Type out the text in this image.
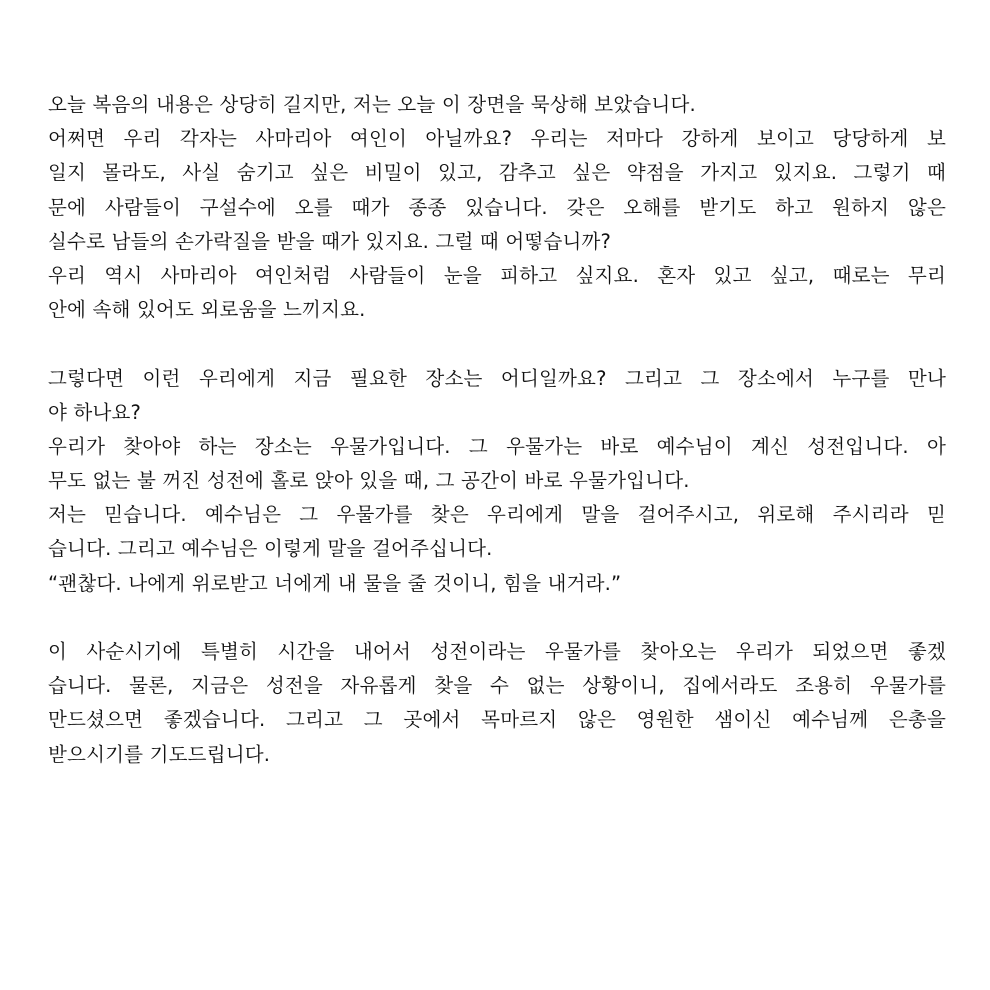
오늘 복음의 내용은 상당히 길지만, 저는 오늘 이 장면을 묵상해 보았습니다.
어쩌면 우리 각자는 사마리아 여인이 아닐까요? 우리는 저마다 강하게 보이고 당당하게 보
일지 몰라도, 사실 숨기고 싶은 비밀이 있고, 감추고 싶은 약점을 가지고 있지요. 그렇기 때
문에 사람들이 구설수에 오를 때가 종종 있습니다. 갖은 오해를 받기도 하고 원하지 않은
실수로 남들의 손가락질을 받을 때가 있지요. 그럴 때 어떻습니까?
우리 역시 사마리아 여인처럼 사람들이 눈을 피하고 싶지요. 혼자 있고 싶고, 때로는 무리
안에 속해 있어도 외로움을 느끼지요.
그렇다면 이런 우리에게 지금 필요한 장소는 어디일까요? 그리고 그 장소에서 누구를 만나
야 하나요?
우리가 찾아야 하는 장소는 우물가입니다. 그 우물가는 바로 예수님이 계신 성전입니다. 아
무도 없는 불 꺼진 성전에 홀로 앉아 있을 때, 그 공간이 바로 우물가입니다.
저는 믿습니다. 예수님은 그 우물가를 찾은 우리에게 말을 걸어주시고, 위로해 주시리라 믿
습니다. 그리고 예수님은 이렇게 말을 걸어주십니다.
“괜찮다. 나에게 위로받고 너에게 내 물을 줄 것이니, 힘을 내거라.”
이 사순시기에 특별히 시간을 내어서 성전이라는 우물가를 찾아오는 우리가 되었으면 좋겠
습니다. 물론, 지금은 성전을 자유롭게 찾을 수 없는 상황이니, 집에서라도 조용히 우물가를
만드셨으면 좋겠습니다. 그리고 그 곳에서 목마르지 않은 영원한 샘이신 예수님께 은총을
받으시기를 기도드립니다.
